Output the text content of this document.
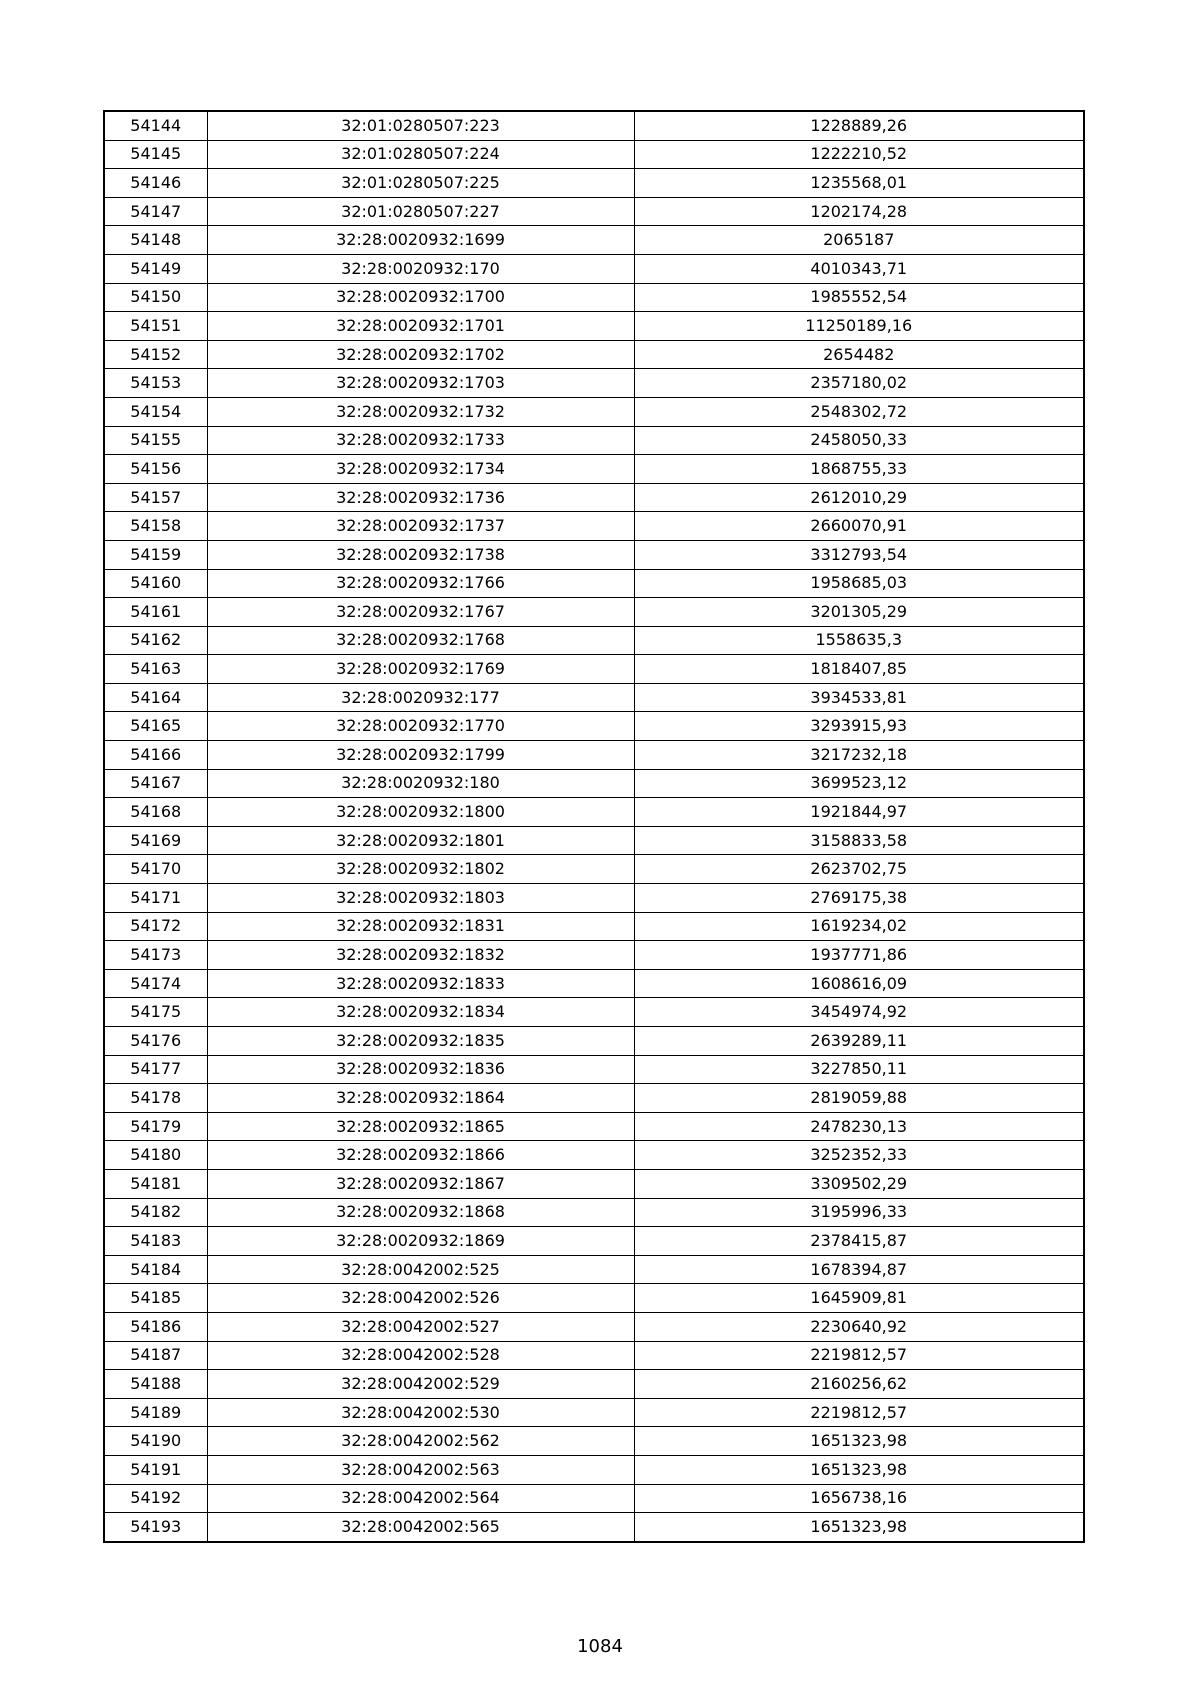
54144	32:01:0280507:223	1228889,26
54145	32:01:0280507:224	1222210,52
54146	32:01:0280507:225	1235568,01
54147	32:01:0280507:227	1202174,28
54148	32:28:0020932:1699	2065187
54149	32:28:0020932:170	4010343,71
54150	32:28:0020932:1700	1985552,54
54151	32:28:0020932:1701	11250189,16
54152	32:28:0020932:1702	2654482
54153	32:28:0020932:1703	2357180,02
54154	32:28:0020932:1732	2548302,72
54155	32:28:0020932:1733	2458050,33
54156	32:28:0020932:1734	1868755,33
54157	32:28:0020932:1736	2612010,29
54158	32:28:0020932:1737	2660070,91
54159	32:28:0020932:1738	3312793,54
54160	32:28:0020932:1766	1958685,03
54161	32:28:0020932:1767	3201305,29
54162	32:28:0020932:1768	1558635,3
54163	32:28:0020932:1769	1818407,85
54164	32:28:0020932:177	3934533,81
54165	32:28:0020932:1770	3293915,93
54166	32:28:0020932:1799	3217232,18
54167	32:28:0020932:180	3699523,12
54168	32:28:0020932:1800	1921844,97
54169	32:28:0020932:1801	3158833,58
54170	32:28:0020932:1802	2623702,75
54171	32:28:0020932:1803	2769175,38
54172	32:28:0020932:1831	1619234,02
54173	32:28:0020932:1832	1937771,86
54174	32:28:0020932:1833	1608616,09
54175	32:28:0020932:1834	3454974,92
54176	32:28:0020932:1835	2639289,11
54177	32:28:0020932:1836	3227850,11
54178	32:28:0020932:1864	2819059,88
54179	32:28:0020932:1865	2478230,13
54180	32:28:0020932:1866	3252352,33
54181	32:28:0020932:1867	3309502,29
54182	32:28:0020932:1868	3195996,33
54183	32:28:0020932:1869	2378415,87
54184	32:28:0042002:525	1678394,87
54185	32:28:0042002:526	1645909,81
54186	32:28:0042002:527	2230640,92
54187	32:28:0042002:528	2219812,57
54188	32:28:0042002:529	2160256,62
54189	32:28:0042002:530	2219812,57
54190	32:28:0042002:562	1651323,98
54191	32:28:0042002:563	1651323,98
54192	32:28:0042002:564	1656738,16
54193	32:28:0042002:565	1651323,98
1084
